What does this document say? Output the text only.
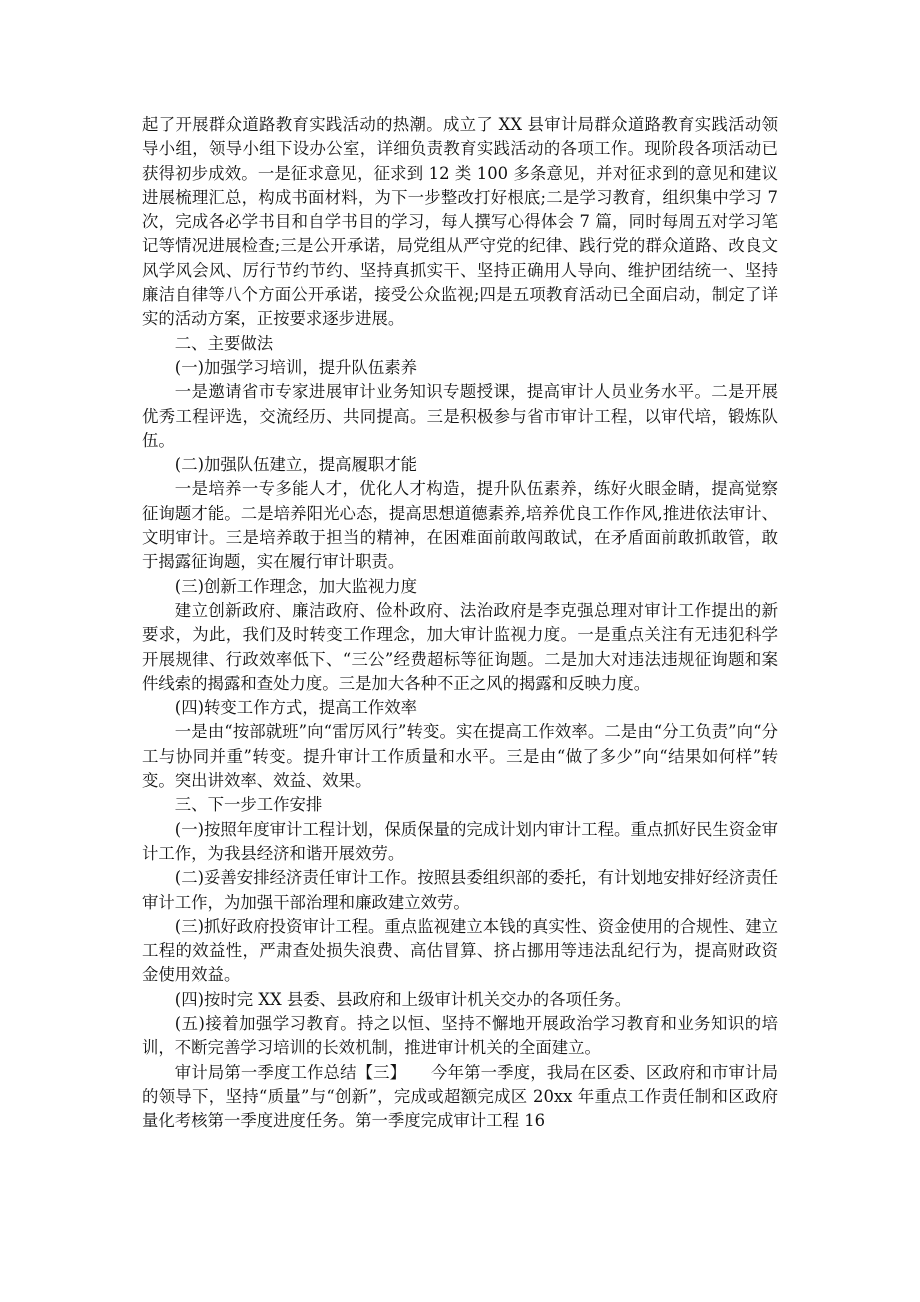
起了开展群众道路教育实践活动的热潮。成立了 XX 县审计局群众道路教育实践活动领导小组，领导小组下设办公室，详细负责教育实践活动的各项工作。现阶段各项活动已获得初步成效。一是征求意见，征求到 12 类 100 多条意见，并对征求到的意见和建议进展梳理汇总，构成书面材料，为下一步整改打好根底;二是学习教育，组织集中学习 7 次，完成各必学书目和自学书目的学习，每人撰写心得体会 7 篇，同时每周五对学习笔记等情况进展检查;三是公开承诺，局党组从严守党的纪律、践行党的群众道路、改良文风学风会风、厉行节约节约、坚持真抓实干、坚持正确用人导向、维护团结统一、坚持廉洁自律等八个方面公开承诺，接受公众监视;四是五项教育活动已全面启动，制定了详实的活动方案，正按要求逐步进展。

二、主要做法

(一)加强学习培训，提升队伍素养

一是邀请省市专家进展审计业务知识专题授课，提高审计人员业务水平。二是开展优秀工程评选，交流经历、共同提高。三是积极参与省市审计工程，以审代培，锻炼队伍。

(二)加强队伍建立，提高履职才能

一是培养一专多能人才，优化人才构造，提升队伍素养，练好火眼金睛，提高觉察征询题才能。二是培养阳光心态，提高思想道德素养,培养优良工作作风,推进依法审计、文明审计。三是培养敢于担当的精神，在困难面前敢闯敢试，在矛盾面前敢抓敢管，敢于揭露征询题，实在履行审计职责。

(三)创新工作理念，加大监视力度

建立创新政府、廉洁政府、俭朴政府、法治政府是李克强总理对审计工作提出的新要求，为此，我们及时转变工作理念，加大审计监视力度。一是重点关注有无违犯科学开展规律、行政效率低下、“三公”经费超标等征询题。二是加大对违法违规征询题和案件线索的揭露和查处力度。三是加大各种不正之风的揭露和反映力度。

(四)转变工作方式，提高工作效率

一是由“按部就班”向“雷厉风行”转变。实在提高工作效率。二是由“分工负责”向“分工与协同并重”转变。提升审计工作质量和水平。三是由“做了多少”向“结果如何样”转变。突出讲效率、效益、效果。

三、下一步工作安排

(一)按照年度审计工程计划，保质保量的完成计划内审计工程。重点抓好民生资金审计工作，为我县经济和谐开展效劳。

(二)妥善安排经济责任审计工作。按照县委组织部的委托，有计划地安排好经济责任审计工作，为加强干部治理和廉政建立效劳。

(三)抓好政府投资审计工程。重点监视建立本钱的真实性、资金使用的合规性、建立工程的效益性，严肃查处损失浪费、高估冒算、挤占挪用等违法乱纪行为，提高财政资金使用效益。

(四)按时完 XX 县委、县政府和上级审计机关交办的各项任务。

(五)接着加强学习教育。持之以恒、坚持不懈地开展政治学习教育和业务知识的培训，不断完善学习培训的长效机制，推进审计机关的全面建立。

审计局第一季度工作总结【三】　　今年第一季度，我局在区委、区政府和市审计局的领导下，坚持“质量”与“创新”，完成或超额完成区 20xx 年重点工作责任制和区政府量化考核第一季度进度任务。第一季度完成审计工程 16
